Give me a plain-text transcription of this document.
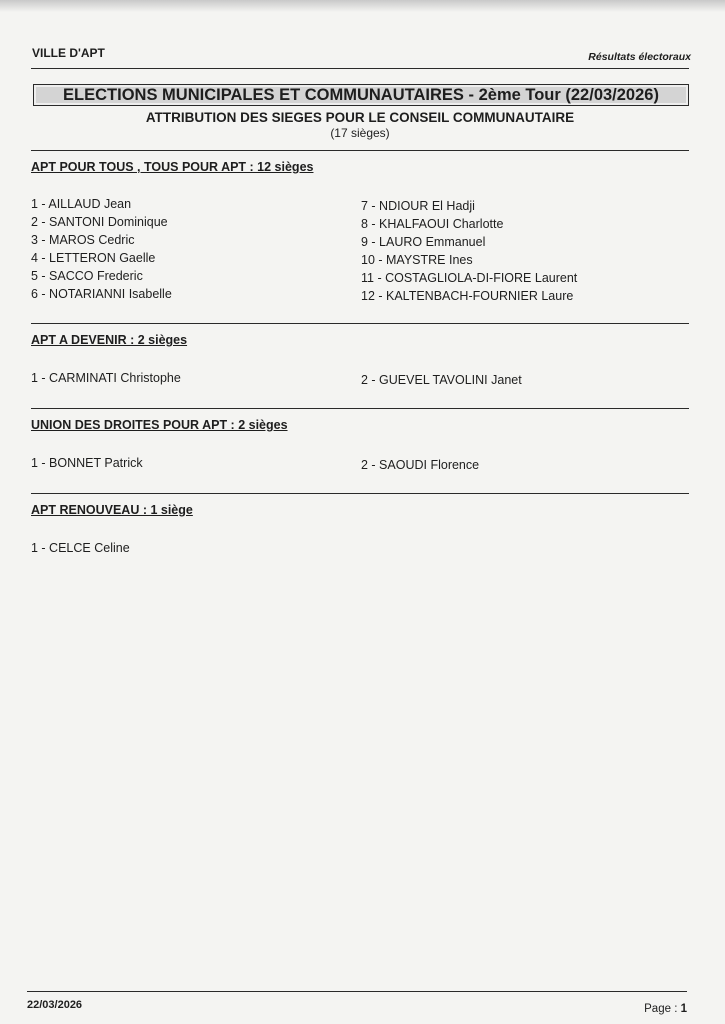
VILLE D'APT	Résultats électoraux
ELECTIONS MUNICIPALES ET COMMUNAUTAIRES - 2ème Tour (22/03/2026)
ATTRIBUTION DES SIEGES POUR LE CONSEIL COMMUNAUTAIRE
(17 sièges)
APT POUR TOUS , TOUS POUR APT : 12 sièges
1 - AILLAUD Jean
2 - SANTONI Dominique
3 - MAROS Cedric
4 - LETTERON Gaelle
5 - SACCO Frederic
6 - NOTARIANNI Isabelle
7 - NDIOUR El Hadji
8 - KHALFAOUI Charlotte
9 - LAURO Emmanuel
10 - MAYSTRE Ines
11 - COSTAGLIOLA-DI-FIORE Laurent
12 - KALTENBACH-FOURNIER Laure
APT A DEVENIR : 2 sièges
1 - CARMINATI Christophe	2 - GUEVEL TAVOLINI Janet
UNION DES DROITES POUR APT : 2 sièges
1 - BONNET Patrick	2 - SAOUDI Florence
APT RENOUVEAU : 1 siège
1 - CELCE Celine
22/03/2026	Page : 1
